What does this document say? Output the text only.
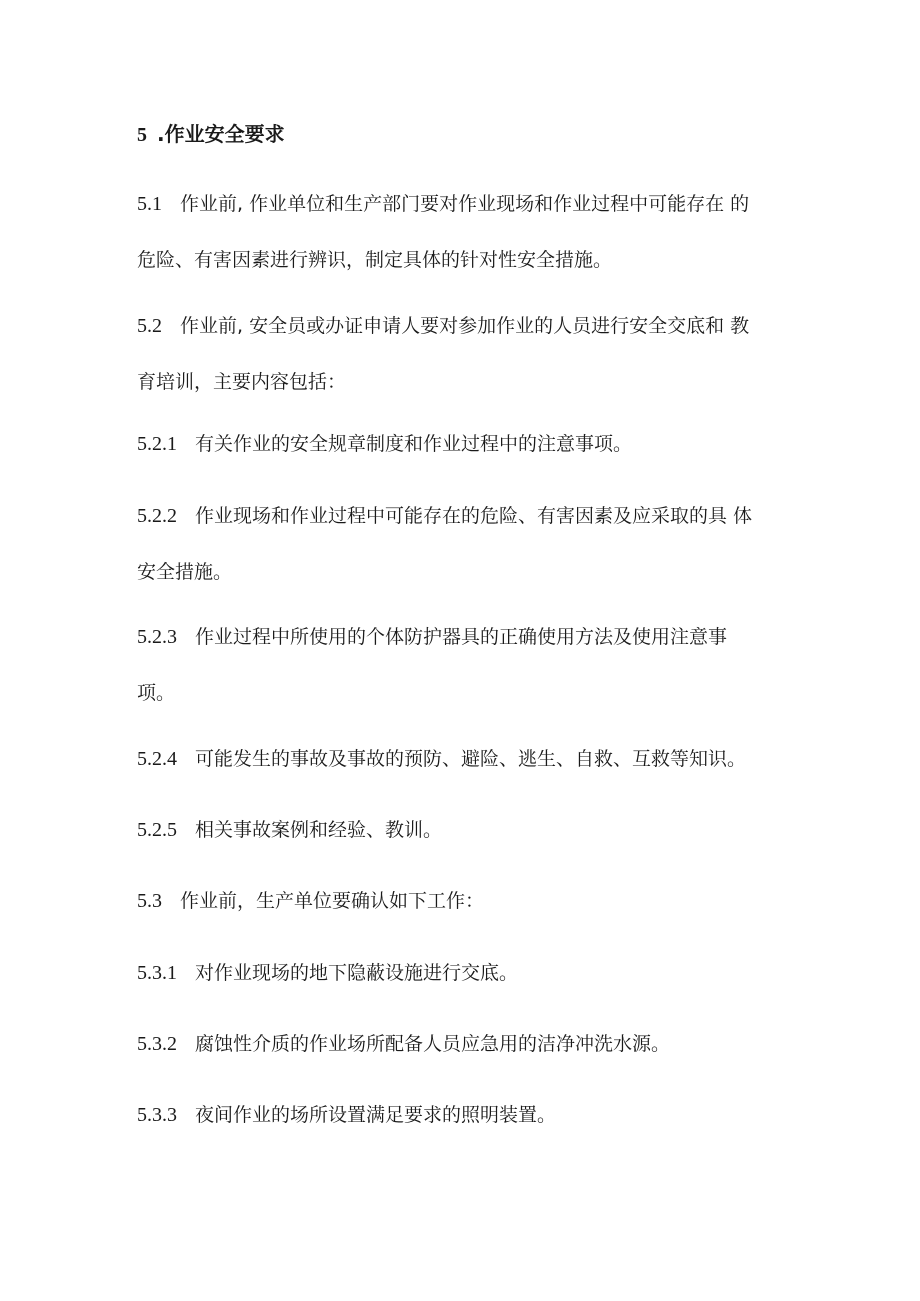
5 .作业安全要求
5.1 作业前, 作业单位和生产部门要对作业现场和作业过程中可能存在 的
危险、有害因素进行辨识，制定具体的针对性安全措施。
5.2 作业前, 安全员或办证申请人要对参加作业的人员进行安全交底和 教
育培训，主要内容包括：
5.2.1 有关作业的安全规章制度和作业过程中的注意事项。
5.2.2 作业现场和作业过程中可能存在的危险、有害因素及应采取的具 体
安全措施。
5.2.3 作业过程中所使用的个体防护器具的正确使用方法及使用注意事
项。
5.2.4 可能发生的事故及事故的预防、避险、逃生、自救、互救等知识。
5.2.5 相关事故案例和经验、教训。
5.3 作业前，生产单位要确认如下工作：
5.3.1 对作业现场的地下隐蔽设施进行交底。
5.3.2 腐蚀性介质的作业场所配备人员应急用的洁净冲洗水源。
5.3.3 夜间作业的场所设置满足要求的照明装置。
